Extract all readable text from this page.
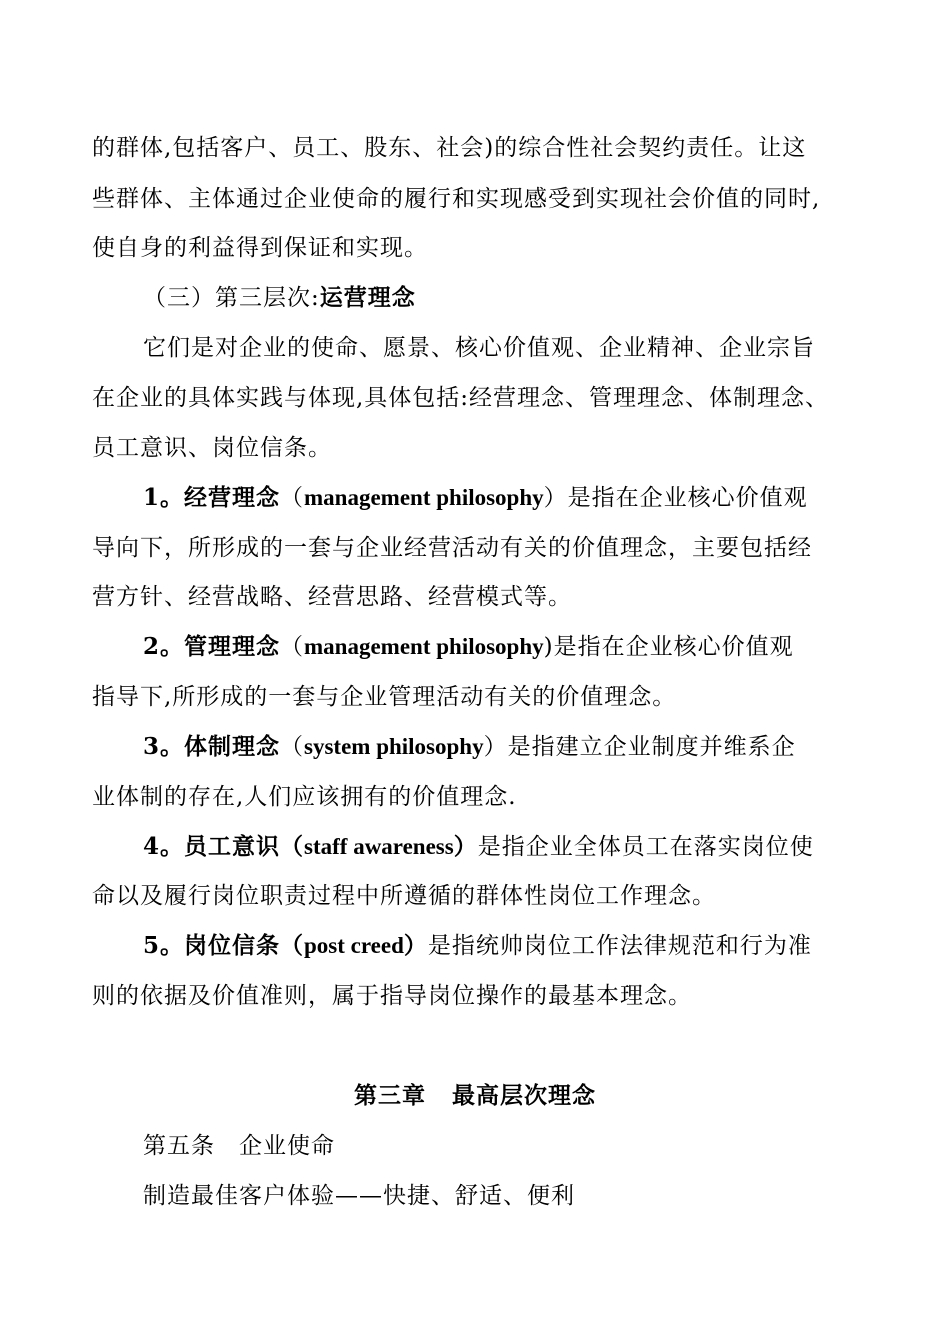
的群体,包括客户、员工、股东、社会)的综合性社会契约责任。让这
些群体、主体通过企业使命的履行和实现感受到实现社会价值的同时,
使自身的利益得到保证和实现。
（三）第三层次:运营理念
它们是对企业的使命、愿景、核心价值观、企业精神、企业宗旨
在企业的具体实践与体现,具体包括:经营理念、管理理念、体制理念、
员工意识、岗位信条。
1。经营理念（management philosophy）是指在企业核心价值观
导向下，所形成的一套与企业经营活动有关的价值理念，主要包括经
营方针、经营战略、经营思路、经营模式等。
2。管理理念（management philosophy)是指在企业核心价值观
指导下,所形成的一套与企业管理活动有关的价值理念。
3。体制理念（system philosophy）是指建立企业制度并维系企
业体制的存在,人们应该拥有的价值理念.
4。员工意识（staff awareness）是指企业全体员工在落实岗位使
命以及履行岗位职责过程中所遵循的群体性岗位工作理念。
5。岗位信条（post creed）是指统帅岗位工作法律规范和行为准
则的依据及价值准则，属于指导岗位操作的最基本理念。
第三章 最高层次理念
第五条　企业使命
制造最佳客户体验——快捷、舒适、便利
